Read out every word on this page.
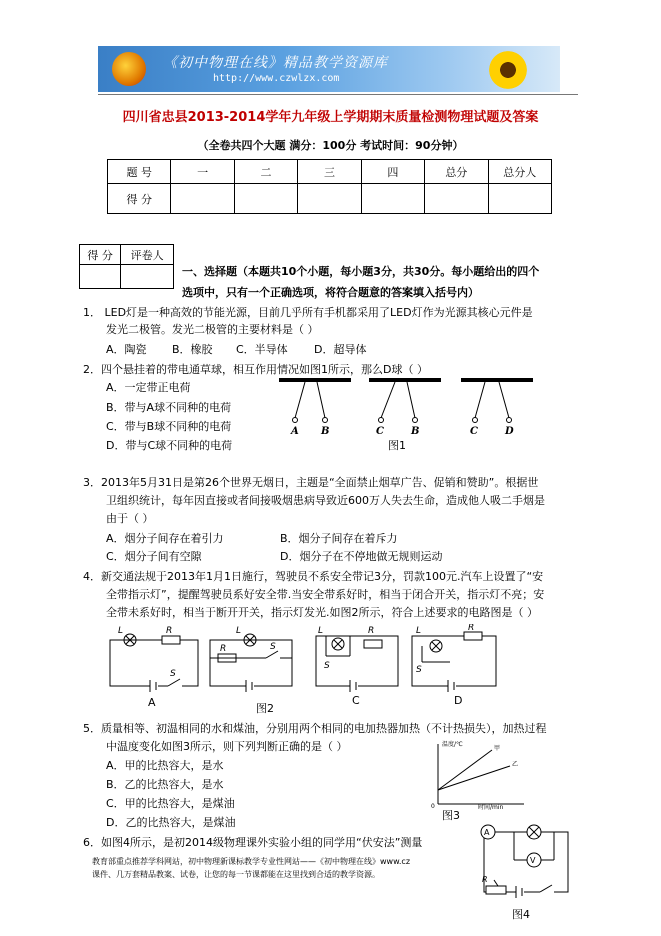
《初中物理在线》精品教学资源库
http://www.czwlzx.com
四川省忠县2013-2014学年九年级上学期期末质量检测物理试题及答案
（全卷共四个大题 满分：100分 考试时间：90分钟）
题 号	一	二	三	四	总分	总分人
得 分						
得 分	评卷人

一、选择题（本题共10个小题，每小题3分，共30分。每小题给出的四个
选项中，只有一个正确选项，将符合题意的答案填入括号内）
1． LED灯是一种高效的节能光源，目前几乎所有手机都采用了LED灯作为光源其核心元件是
发光二极管。发光二极管的主要材料是（ ）
A．陶瓷 B．橡胶 C．半导体 D．超导体
2．四个悬挂着的带电通草球，相互作用情况如图1所示，那么D球（ ）
A．一定带正电荷
B．带与A球不同种的电荷
C．带与B球不同种的电荷
D．带与C球不同种的电荷
A B	C	B	C	D
图1
3．2013年5月31日是第26个世界无烟日，主题是“全面禁止烟草广告、促销和赞助”。根据世
卫组织统计，每年因直接或者间接吸烟患病导致近600万人失去生命，造成他人吸二手烟是
由于（ ）
A．烟分子间存在着引力	B．烟分子间存在着斥力
C．烟分子间有空隙	D．烟分子在不停地做无规则运动
4．新交通法规于2013年1月1日施行，驾驶员不系安全带记3分，罚款100元.汽车上设置了“安
全带指示灯”，提醒驾驶员系好安全带.当安全带系好时，相当于闭合开关，指示灯不亮；安
全带未系好时，相当于断开开关，指示灯发光.如图2所示，符合上述要求的电路图是（ ）
L	R
S
L
R	S
L	R
S
L	R
S
A	图2
C	D
5．质量相等、初温相同的水和煤油，分别用两个相同的电加热器加热（不计热损失），加热过程
中温度变化如图3所示，则下列判断正确的是（ ）
A．甲的比热容大，是水
B．乙的比热容大，是水
C．甲的比热容大，是煤油
D．乙的比热容大，是煤油
温度/℃
甲
乙
0	时间/min
图3
6．如图4所示，是初2014级物理课外实验小组的同学用“伏安法”测量
教育部重点推荐学科网站，初中物理新课标教学专业性网站——《初中物理在线》www.cz
课件、几万套精品教案、试卷，让您的每一节课都能在这里找到合适的教学资源。
A
V
R
图4
